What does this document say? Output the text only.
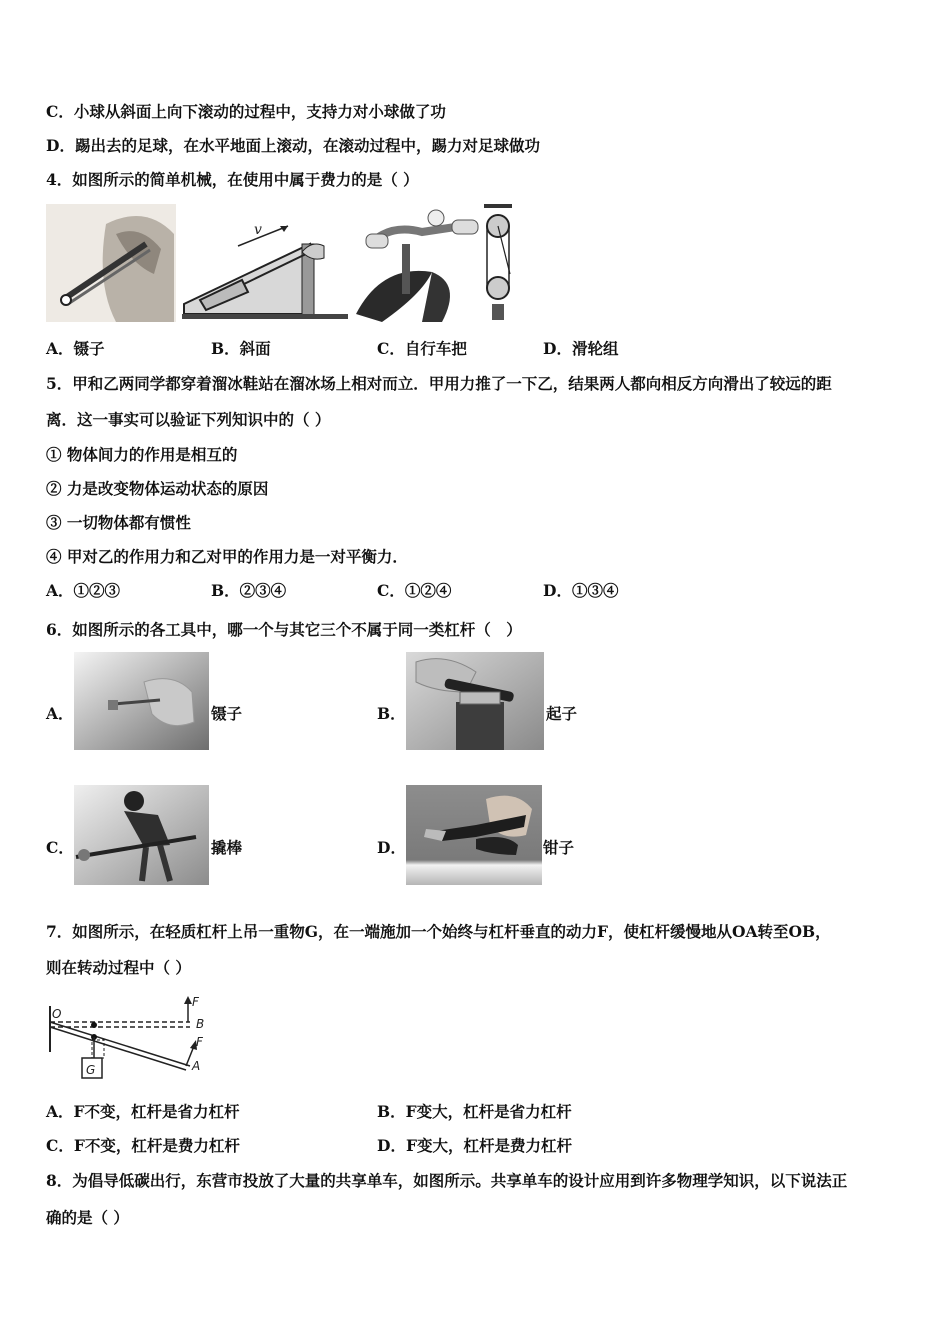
C．小球从斜面上向下滚动的过程中，支持力对小球做了功
D．踢出去的足球，在水平地面上滚动，在滚动过程中，踢力对足球做功
4．如图所示的简单机械，在使用中属于费力的是（ ）
v
A．镊子	B．斜面	C．自行车把	D．滑轮组
5．甲和乙两同学都穿着溜冰鞋站在溜冰场上相对而立．甲用力推了一下乙，结果两人都向相反方向滑出了较远的距
离．这一事实可以验证下列知识中的（ ）
① 物体间力的作用是相互的
② 力是改变物体运动状态的原因
③ 一切物体都有惯性
④ 甲对乙的作用力和乙对甲的作用力是一对平衡力．
A．①②③	B．②③④	C．①②④	D．①③④
6．如图所示的各工具中，哪一个与其它三个不属于同一类杠杆（　）
A．	镊子	B．	起子
C．	撬棒	D．	钳子
7．如图所示，在轻质杠杆上吊一重物G，在一端施加一个始终与杠杆垂直的动力F，使杠杆缓慢地从OA转至OB，
则在转动过程中（ ）
O
B
F
F
A
G
A．F不变，杠杆是省力杠杆	B．F变大，杠杆是省力杠杆
C．F不变，杠杆是费力杠杆	D．F变大，杠杆是费力杠杆
8．为倡导低碳出行，东营市投放了大量的共享单车，如图所示。共享单车的设计应用到许多物理学知识，以下说法正
确的是（ ）
